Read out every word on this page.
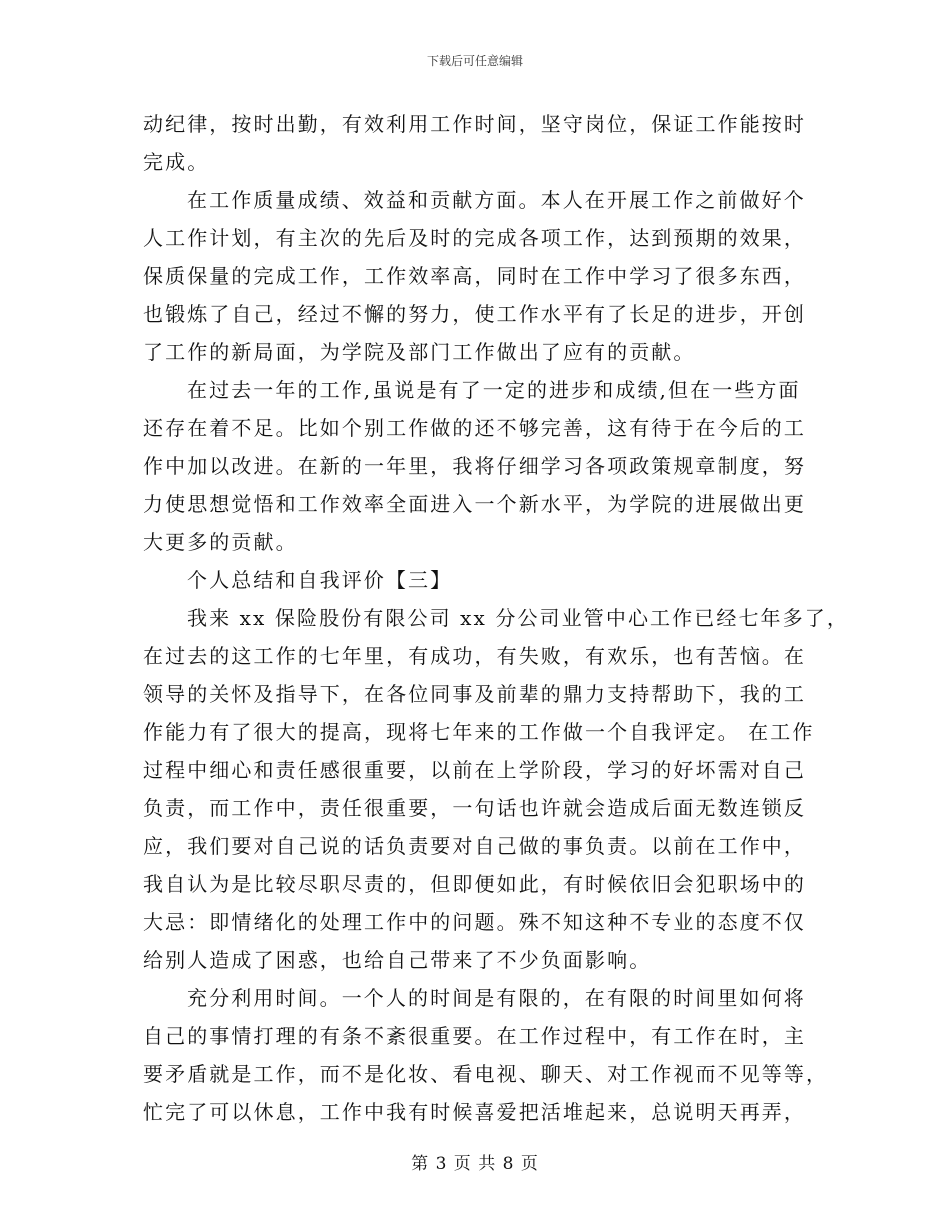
下载后可任意编辑
动纪律，按时出勤，有效利用工作时间，坚守岗位，保证工作能按时
完成。
在工作质量成绩、效益和贡献方面。本人在开展工作之前做好个
人工作计划，有主次的先后及时的完成各项工作，达到预期的效果，
保质保量的完成工作，工作效率高，同时在工作中学习了很多东西，
也锻炼了自己，经过不懈的努力，使工作水平有了长足的进步，开创
了工作的新局面，为学院及部门工作做出了应有的贡献。
在过去一年的工作,虽说是有了一定的进步和成绩,但在一些方面
还存在着不足。比如个别工作做的还不够完善，这有待于在今后的工
作中加以改进。在新的一年里，我将仔细学习各项政策规章制度，努
力使思想觉悟和工作效率全面进入一个新水平，为学院的进展做出更
大更多的贡献。
个人总结和自我评价【三】
我来 xx 保险股份有限公司 xx 分公司业管中心工作已经七年多了，
在过去的这工作的七年里，有成功，有失败，有欢乐，也有苦恼。在
领导的关怀及指导下，在各位同事及前辈的鼎力支持帮助下，我的工
作能力有了很大的提高，现将七年来的工作做一个自我评定。 在工作
过程中细心和责任感很重要，以前在上学阶段，学习的好坏需对自己
负责，而工作中，责任很重要，一句话也许就会造成后面无数连锁反
应，我们要对自己说的话负责要对自己做的事负责。以前在工作中，
我自认为是比较尽职尽责的，但即便如此，有时候依旧会犯职场中的
大忌：即情绪化的处理工作中的问题。殊不知这种不专业的态度不仅
给别人造成了困惑，也给自己带来了不少负面影响。
充分利用时间。一个人的时间是有限的，在有限的时间里如何将
自己的事情打理的有条不紊很重要。在工作过程中，有工作在时，主
要矛盾就是工作，而不是化妆、看电视、聊天、对工作视而不见等等，
忙完了可以休息，工作中我有时候喜爱把活堆起来，总说明天再弄，
第 3 页 共 8 页
